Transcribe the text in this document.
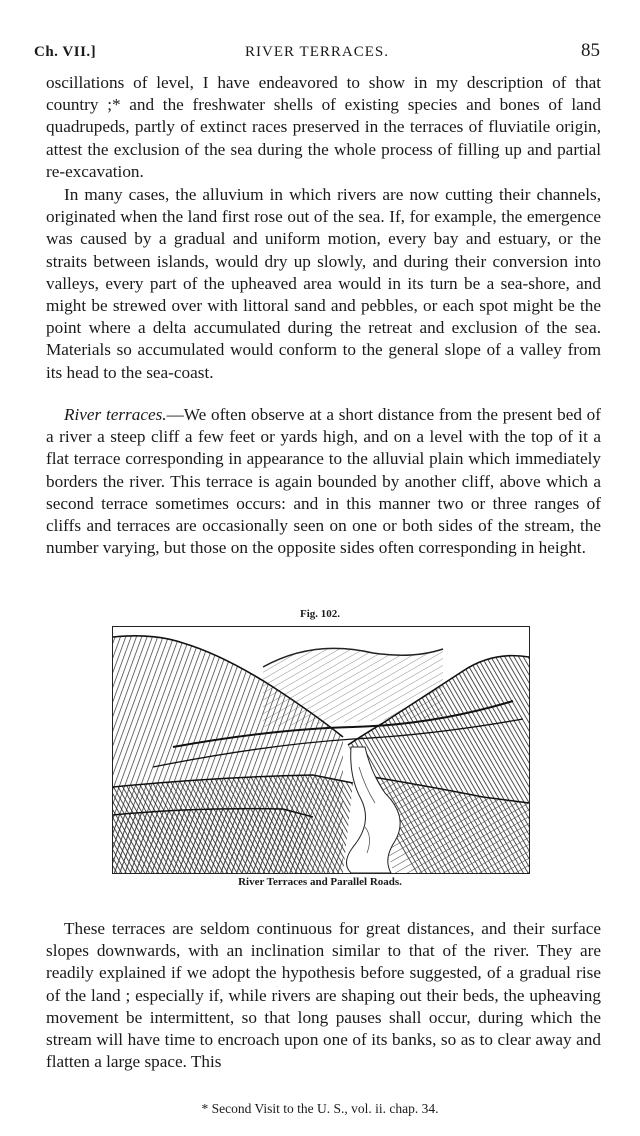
Ch. VII.]	RIVER TERRACES.	85

oscillations of level, I have endeavored to show in my description of that country ;* and the freshwater shells of existing species and bones of land quadrupeds, partly of extinct races preserved in the terraces of fluviatile origin, attest the exclusion of the sea during the whole process of filling up and partial re-excavation.

In many cases, the alluvium in which rivers are now cutting their channels, originated when the land first rose out of the sea. If, for example, the emergence was caused by a gradual and uniform motion, every bay and estuary, or the straits between islands, would dry up slowly, and during their conversion into valleys, every part of the upheaved area would in its turn be a sea-shore, and might be strewed over with littoral sand and pebbles, or each spot might be the point where a delta accumulated during the retreat and exclusion of the sea. Materials so accumulated would conform to the general slope of a valley from its head to the sea-coast.

River terraces.—We often observe at a short distance from the present bed of a river a steep cliff a few feet or yards high, and on a level with the top of it a flat terrace corresponding in appearance to the alluvial plain which immediately borders the river. This terrace is again bounded by another cliff, above which a second terrace sometimes occurs: and in this manner two or three ranges of cliffs and terraces are occasionally seen on one or both sides of the stream, the number varying, but those on the opposite sides often corresponding in height.

Fig. 102.
River Terraces and Parallel Roads.

These terraces are seldom continuous for great distances, and their surface slopes downwards, with an inclination similar to that of the river. They are readily explained if we adopt the hypothesis before suggested, of a gradual rise of the land ; especially if, while rivers are shaping out their beds, the upheaving movement be intermittent, so that long pauses shall occur, during which the stream will have time to encroach upon one of its banks, so as to clear away and flatten a large space. This

* Second Visit to the U. S., vol. ii. chap. 34.
